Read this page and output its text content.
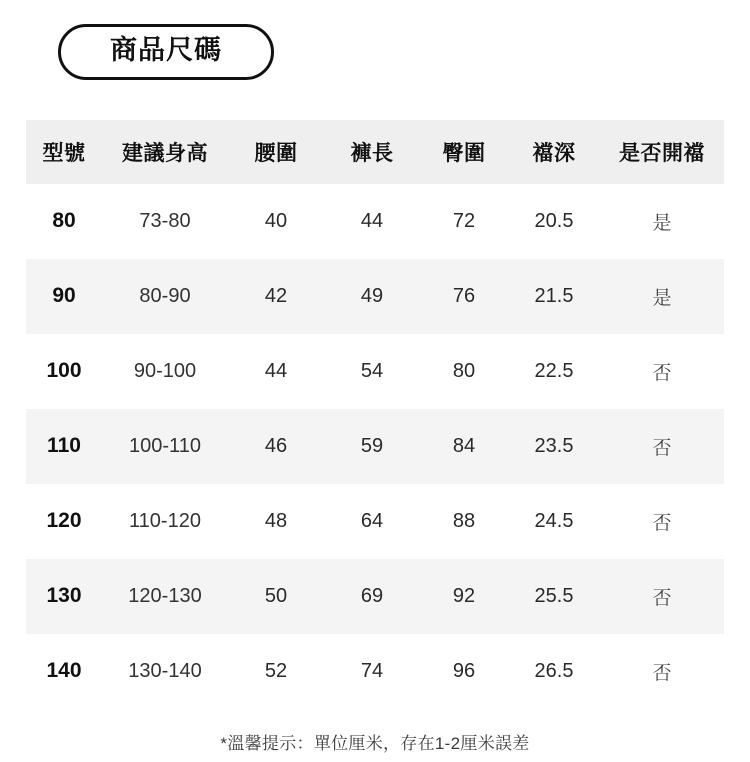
商品尺碼
型號	建議身高	腰圍	褲長	臀圍	襠深	是否開襠
80	73-80	40	44	72	20.5	是
90	80-90	42	49	76	21.5	是
100	90-100	44	54	80	22.5	否
110	100-110	46	59	84	23.5	否
120	110-120	48	64	88	24.5	否
130	120-130	50	69	92	25.5	否
140	130-140	52	74	96	26.5	否
*溫馨提示：單位厘米，存在1-2厘米誤差
